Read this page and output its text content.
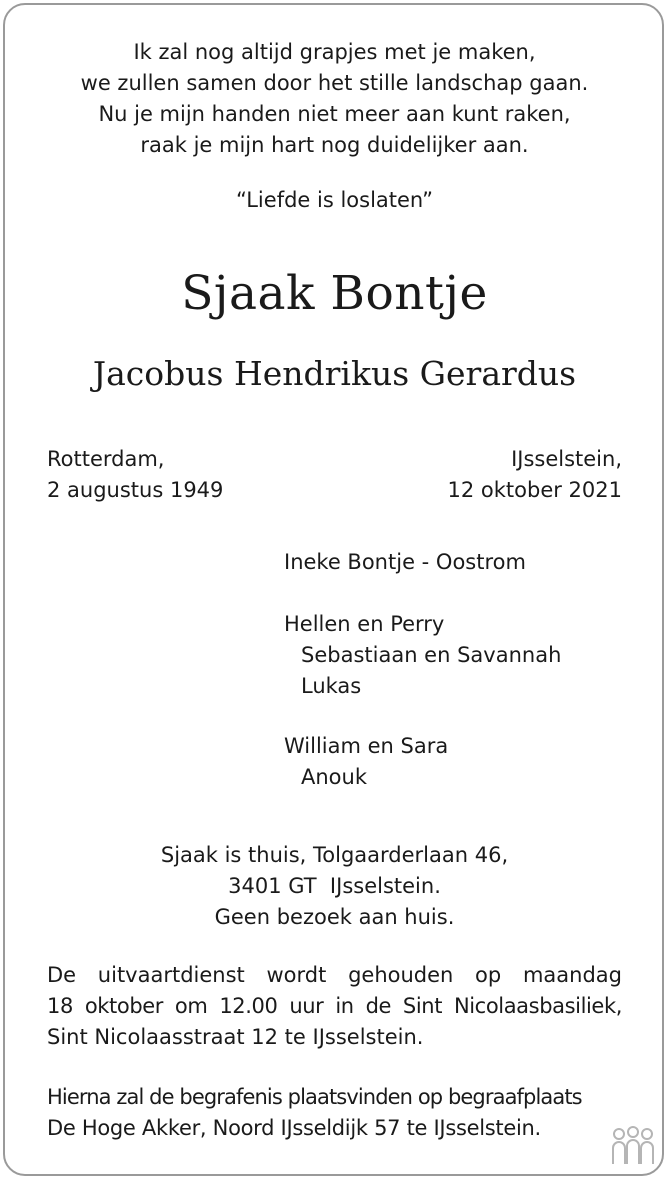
Ik zal nog altijd grapjes met je maken,
we zullen samen door het stille landschap gaan.
Nu je mijn handen niet meer aan kunt raken,
raak je mijn hart nog duidelijker aan.
“Liefde is loslaten”
Sjaak Bontje
Jacobus Hendrikus Gerardus
Rotterdam,
2 augustus 1949
IJsselstein,
12 oktober 2021
Ineke Bontje - Oostrom
Hellen en Perry
Sebastiaan en Savannah
Lukas
William en Sara
Anouk
Sjaak is thuis, Tolgaarderlaan 46,
3401 GT  IJsselstein.
Geen bezoek aan huis.
De uitvaartdienst wordt gehouden op maandag
18 oktober om 12.00 uur in de Sint Nicolaasbasiliek,
Sint Nicolaasstraat 12 te IJsselstein.
Hierna zal de begrafenis plaatsvinden op begraafplaats
De Hoge Akker, Noord IJsseldijk 57 te IJsselstein.
